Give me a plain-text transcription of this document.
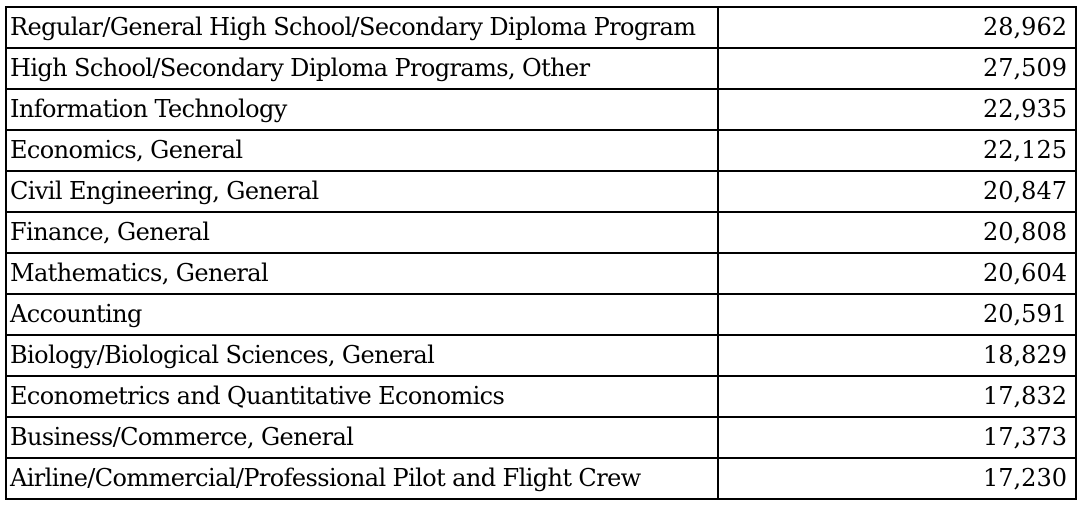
Regular/General High School/Secondary Diploma Program	28,962
High School/Secondary Diploma Programs, Other	27,509
Information Technology	22,935
Economics, General	22,125
Civil Engineering, General	20,847
Finance, General	20,808
Mathematics, General	20,604
Accounting	20,591
Biology/Biological Sciences, General	18,829
Econometrics and Quantitative Economics	17,832
Business/Commerce, General	17,373
Airline/Commercial/Professional Pilot and Flight Crew	17,230
